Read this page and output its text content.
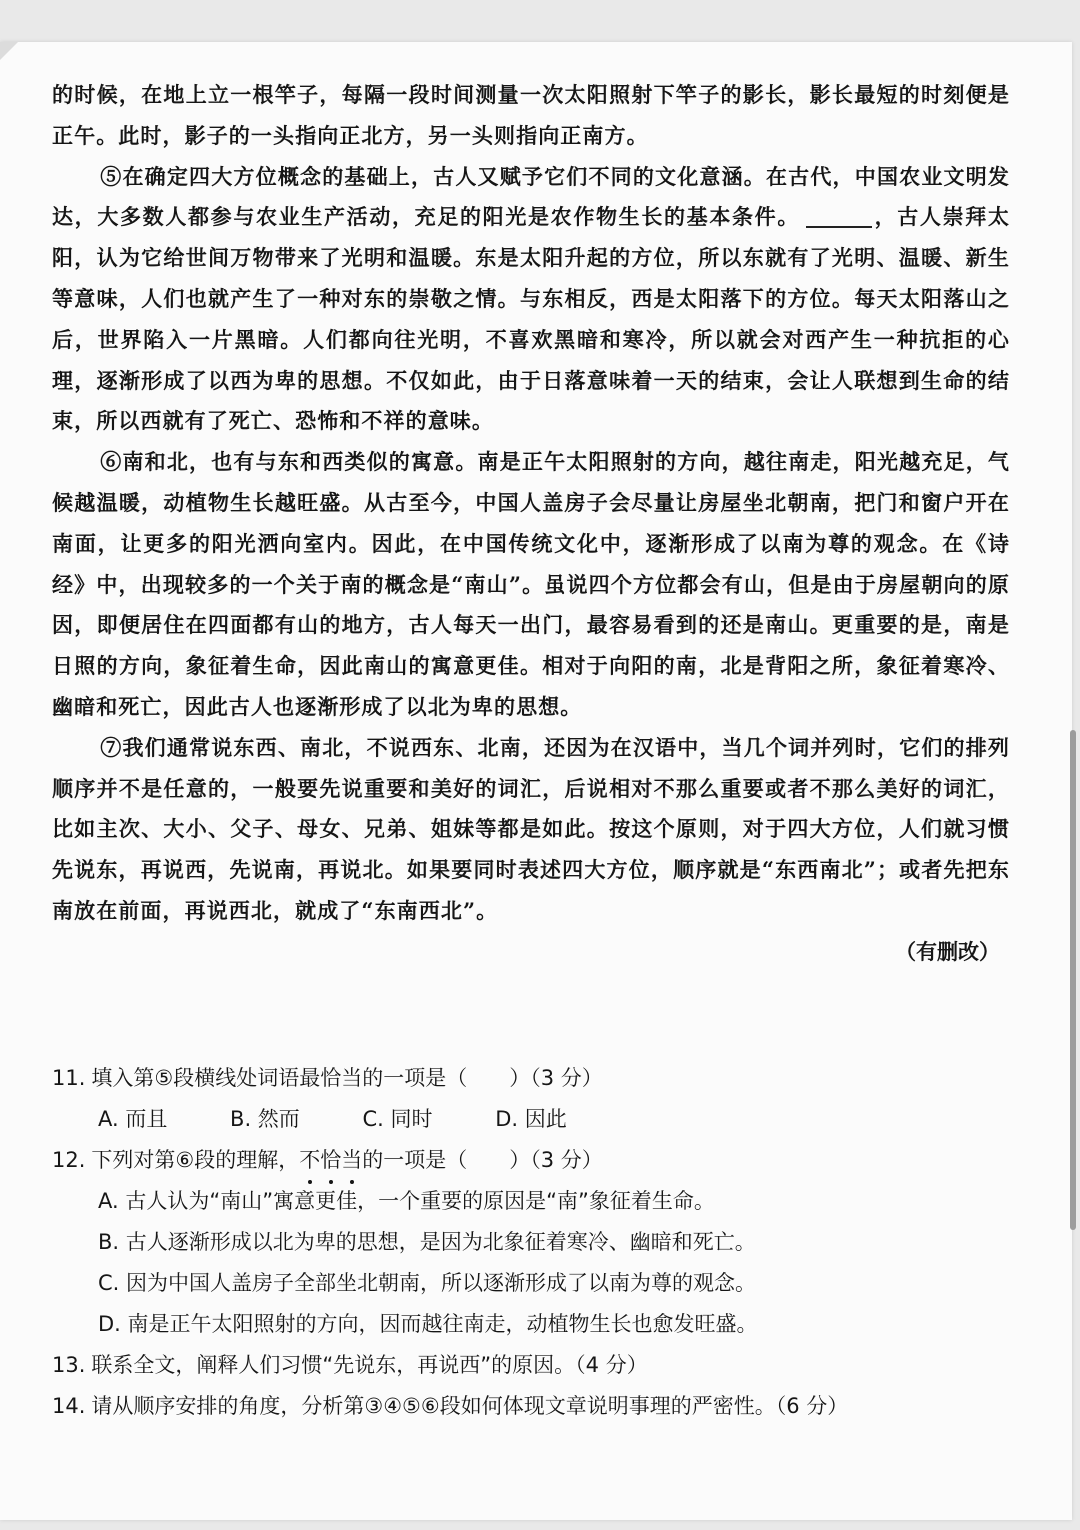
的时候，在地上立一根竿子，每隔一段时间测量一次太阳照射下竿子的影长，影长最短的时刻便是正午。此时，影子的一头指向正北方，另一头则指向正南方。

⑤在确定四大方位概念的基础上，古人又赋予它们不同的文化意涵。在古代，中国农业文明发达，大多数人都参与农业生产活动，充足的阳光是农作物生长的基本条件。	，古人崇拜太阳，认为它给世间万物带来了光明和温暖。东是太阳升起的方位，所以东就有了光明、温暖、新生等意味，人们也就产生了一种对东的崇敬之情。与东相反，西是太阳落下的方位。每天太阳落山之后，世界陷入一片黑暗。人们都向往光明，不喜欢黑暗和寒冷，所以就会对西产生一种抗拒的心理，逐渐形成了以西为卑的思想。不仅如此，由于日落意味着一天的结束，会让人联想到生命的结束，所以西就有了死亡、恐怖和不祥的意味。

⑥南和北，也有与东和西类似的寓意。南是正午太阳照射的方向，越往南走，阳光越充足，气候越温暖，动植物生长越旺盛。从古至今，中国人盖房子会尽量让房屋坐北朝南，把门和窗户开在南面，让更多的阳光洒向室内。因此，在中国传统文化中，逐渐形成了以南为尊的观念。在《诗经》中，出现较多的一个关于南的概念是“南山”。虽说四个方位都会有山，但是由于房屋朝向的原因，即便居住在四面都有山的地方，古人每天一出门，最容易看到的还是南山。更重要的是，南是日照的方向，象征着生命，因此南山的寓意更佳。相对于向阳的南，北是背阳之所，象征着寒冷、幽暗和死亡，因此古人也逐渐形成了以北为卑的思想。

⑦我们通常说东西、南北，不说西东、北南，还因为在汉语中，当几个词并列时，它们的排列顺序并不是任意的，一般要先说重要和美好的词汇，后说相对不那么重要或者不那么美好的词汇，比如主次、大小、父子、母女、兄弟、姐妹等都是如此。按这个原则，对于四大方位，人们就习惯先说东，再说西，先说南，再说北。如果要同时表述四大方位，顺序就是“东西南北”；或者先把东南放在前面，再说西北，就成了“东南西北”。

（有删改）

11. 填入第⑤段横线处词语最恰当的一项是（　　）（3 分）
A. 而且	B. 然而	C. 同时	D. 因此
12. 下列对第⑥段的理解，不恰当的一项是（　　）（3 分）
A. 古人认为“南山”寓意更佳，一个重要的原因是“南”象征着生命。
B. 古人逐渐形成以北为卑的思想，是因为北象征着寒冷、幽暗和死亡。
C. 因为中国人盖房子全部坐北朝南，所以逐渐形成了以南为尊的观念。
D. 南是正午太阳照射的方向，因而越往南走，动植物生长也愈发旺盛。
13. 联系全文，阐释人们习惯“先说东，再说西”的原因。（4 分）
14. 请从顺序安排的角度，分析第③④⑤⑥段如何体现文章说明事理的严密性。（6 分）
